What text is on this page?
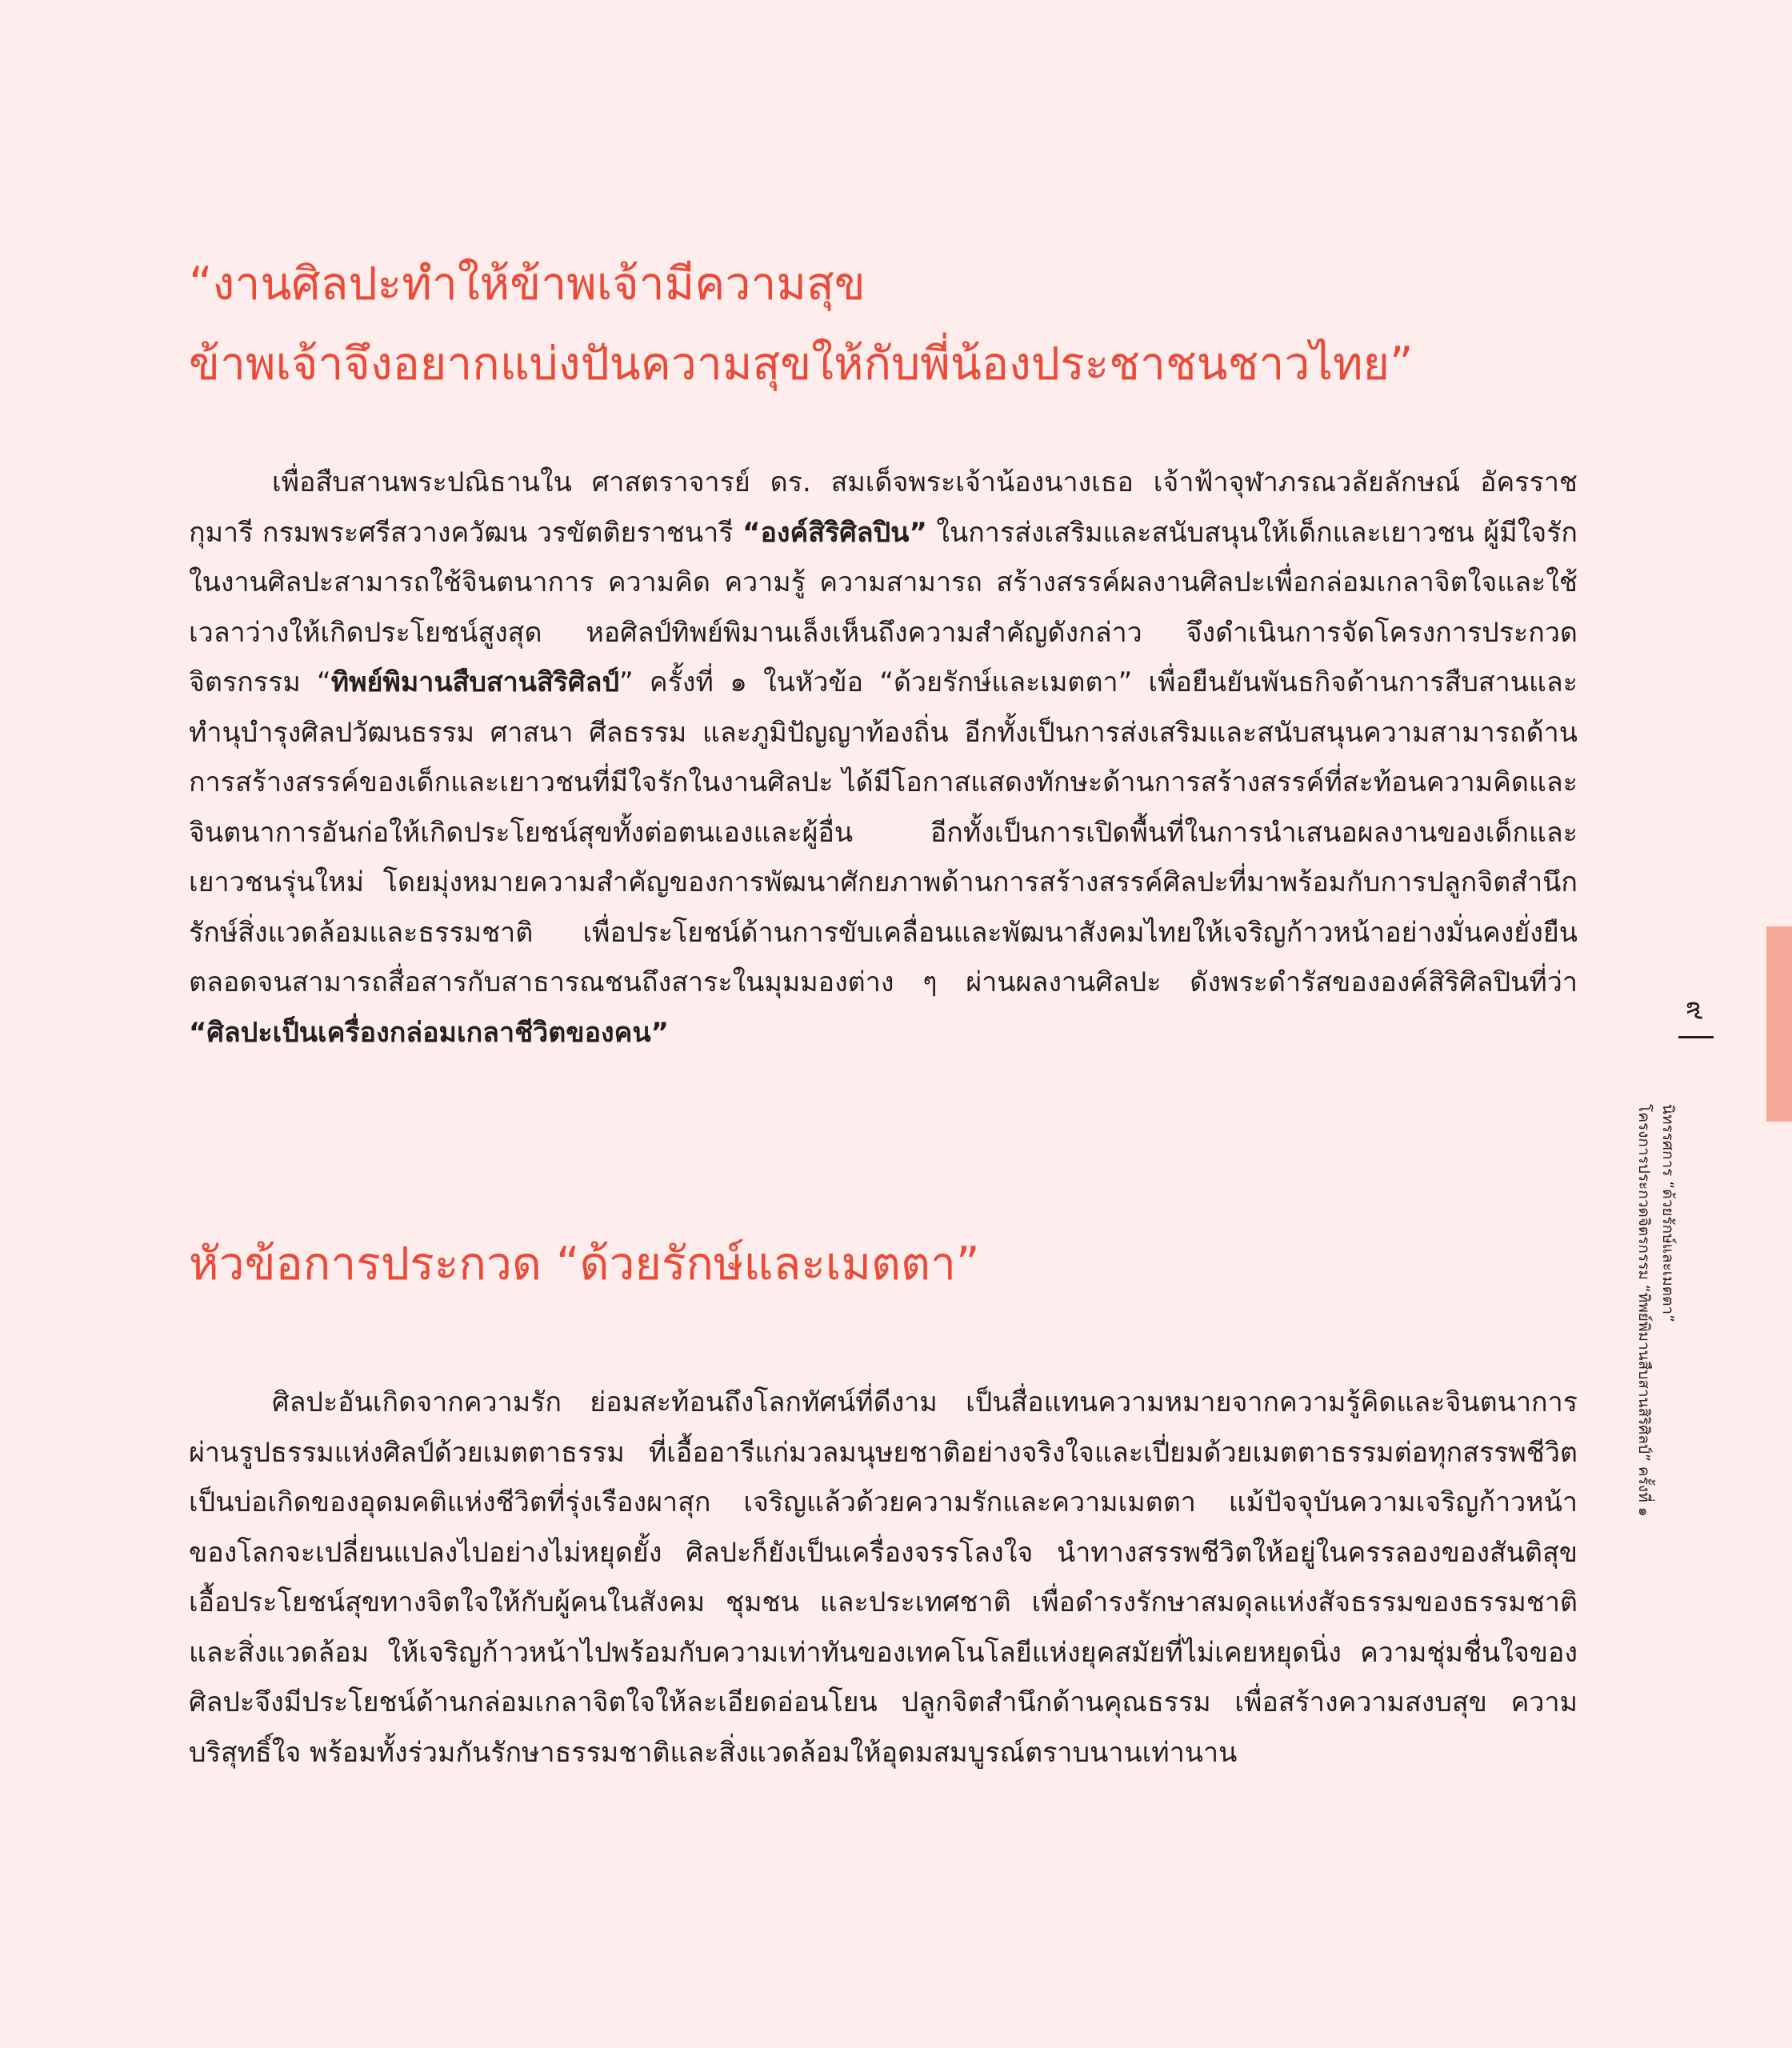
“งานศิลปะทำให้ข้าพเจ้ามีความสุข
ข้าพเจ้าจึงอยากแบ่งปันความสุขให้กับพี่น้องประชาชนชาวไทย”

เพื่อสืบสานพระปณิธานใน ศาสตราจารย์ ดร. สมเด็จพระเจ้าน้องนางเธอ เจ้าฟ้าจุฬาภรณวลัยลักษณ์ อัครราชกุมารี กรมพระศรีสวางควัฒน วรขัตติยราชนารี “องค์สิริศิลปิน” ในการส่งเสริมและสนับสนุนให้เด็กและเยาวชน ผู้มีใจรักในงานศิลปะสามารถใช้จินตนาการ ความคิด ความรู้ ความสามารถ สร้างสรรค์ผลงานศิลปะเพื่อกล่อมเกลาจิตใจและใช้เวลาว่างให้เกิดประโยชน์สูงสุด หอศิลป์ทิพย์พิมานเล็งเห็นถึงความสำคัญดังกล่าว จึงดำเนินการจัดโครงการประกวดจิตรกรรม “ทิพย์พิมานสืบสานสิริศิลป์” ครั้งที่ ๑ ในหัวข้อ “ด้วยรักษ์และเมตตา” เพื่อยืนยันพันธกิจด้านการสืบสานและทำนุบำรุงศิลปวัฒนธรรม ศาสนา ศีลธรรม และภูมิปัญญาท้องถิ่น อีกทั้งเป็นการส่งเสริมและสนับสนุนความสามารถด้านการสร้างสรรค์ของเด็กและเยาวชนที่มีใจรักในงานศิลปะ ได้มีโอกาสแสดงทักษะด้านการสร้างสรรค์ที่สะท้อนความคิดและจินตนาการอันก่อให้เกิดประโยชน์สุขทั้งต่อตนเองและผู้อื่น อีกทั้งเป็นการเปิดพื้นที่ในการนำเสนอผลงานของเด็กและเยาวชนรุ่นใหม่ โดยมุ่งหมายความสำคัญของการพัฒนาศักยภาพด้านการสร้างสรรค์ศิลปะที่มาพร้อมกับการปลูกจิตสำนึกรักษ์สิ่งแวดล้อมและธรรมชาติ เพื่อประโยชน์ด้านการขับเคลื่อนและพัฒนาสังคมไทยให้เจริญก้าวหน้าอย่างมั่นคงยั่งยืน ตลอดจนสามารถสื่อสารกับสาธารณชนถึงสาระในมุมมองต่าง ๆ ผ่านผลงานศิลปะ ดังพระดำรัสขององค์สิริศิลปินที่ว่า “ศิลปะเป็นเครื่องกล่อมเกลาชีวิตของคน”

หัวข้อการประกวด “ด้วยรักษ์และเมตตา”

ศิลปะอันเกิดจากความรัก ย่อมสะท้อนถึงโลกทัศน์ที่ดีงาม เป็นสื่อแทนความหมายจากความรู้คิดและจินตนาการผ่านรูปธรรมแห่งศิลป์ด้วยเมตตาธรรม ที่เอื้ออารีแก่มวลมนุษยชาติอย่างจริงใจและเปี่ยมด้วยเมตตาธรรมต่อทุกสรรพชีวิต เป็นบ่อเกิดของอุดมคติแห่งชีวิตที่รุ่งเรืองผาสุก เจริญแล้วด้วยความรักและความเมตตา แม้ปัจจุบันความเจริญก้าวหน้าของโลกจะเปลี่ยนแปลงไปอย่างไม่หยุดยั้ง ศิลปะก็ยังเป็นเครื่องจรรโลงใจ นำทางสรรพชีวิตให้อยู่ในครรลองของสันติสุข เอื้อประโยชน์สุขทางจิตใจให้กับผู้คนในสังคม ชุมชน และประเทศชาติ เพื่อดำรงรักษาสมดุลแห่งสัจธรรมของธรรมชาติและสิ่งแวดล้อม ให้เจริญก้าวหน้าไปพร้อมกับความเท่าทันของเทคโนโลยีแห่งยุคสมัยที่ไม่เคยหยุดนิ่ง ความชุ่มชื่นใจของศิลปะจึงมีประโยชน์ด้านกล่อมเกลาจิตใจให้ละเอียดอ่อนโยน ปลูกจิตสำนึกด้านคุณธรรม เพื่อสร้างความสงบสุข ความบริสุทธิ์ใจ พร้อมทั้งร่วมกันรักษาธรรมชาติและสิ่งแวดล้อมให้อุดมสมบูรณ์ตราบนานเท่านาน

๙
นิทรรศการ “ด้วยรักษ์และเมตตา”
โครงการประกวดจิตรกรรม “ทิพย์พิมานสืบสานสิริศิลป์” ครั้งที่ ๑
